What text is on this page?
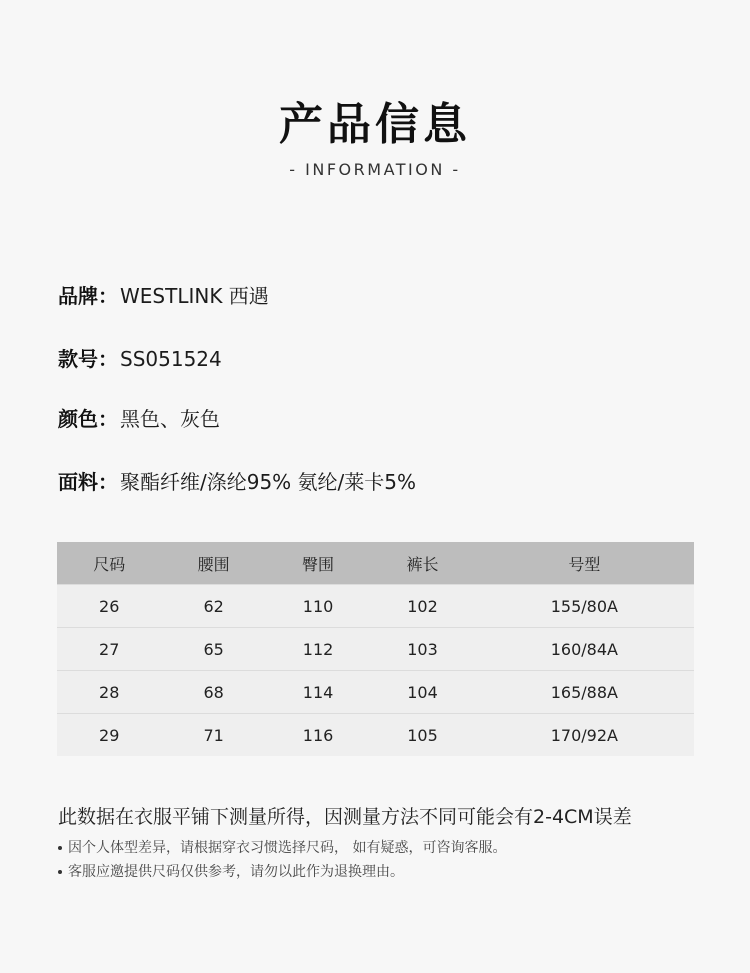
产品信息
- INFORMATION -
品牌： WESTLINK 西遇
款号： SS051524
颜色： 黑色、灰色
面料： 聚酯纤维/涤纶95% 氨纶/莱卡5%
尺码	腰围	臀围	裤长	号型
26	62	110	102	155/80A
27	65	112	103	160/84A
28	68	114	104	165/88A
29	71	116	105	170/92A
此数据在衣服平铺下测量所得，因测量方法不同可能会有2-4CM误差
因个人体型差异，请根据穿衣习惯选择尺码， 如有疑惑，可咨询客服。
客服应邀提供尺码仅供参考，请勿以此作为退换理由。
